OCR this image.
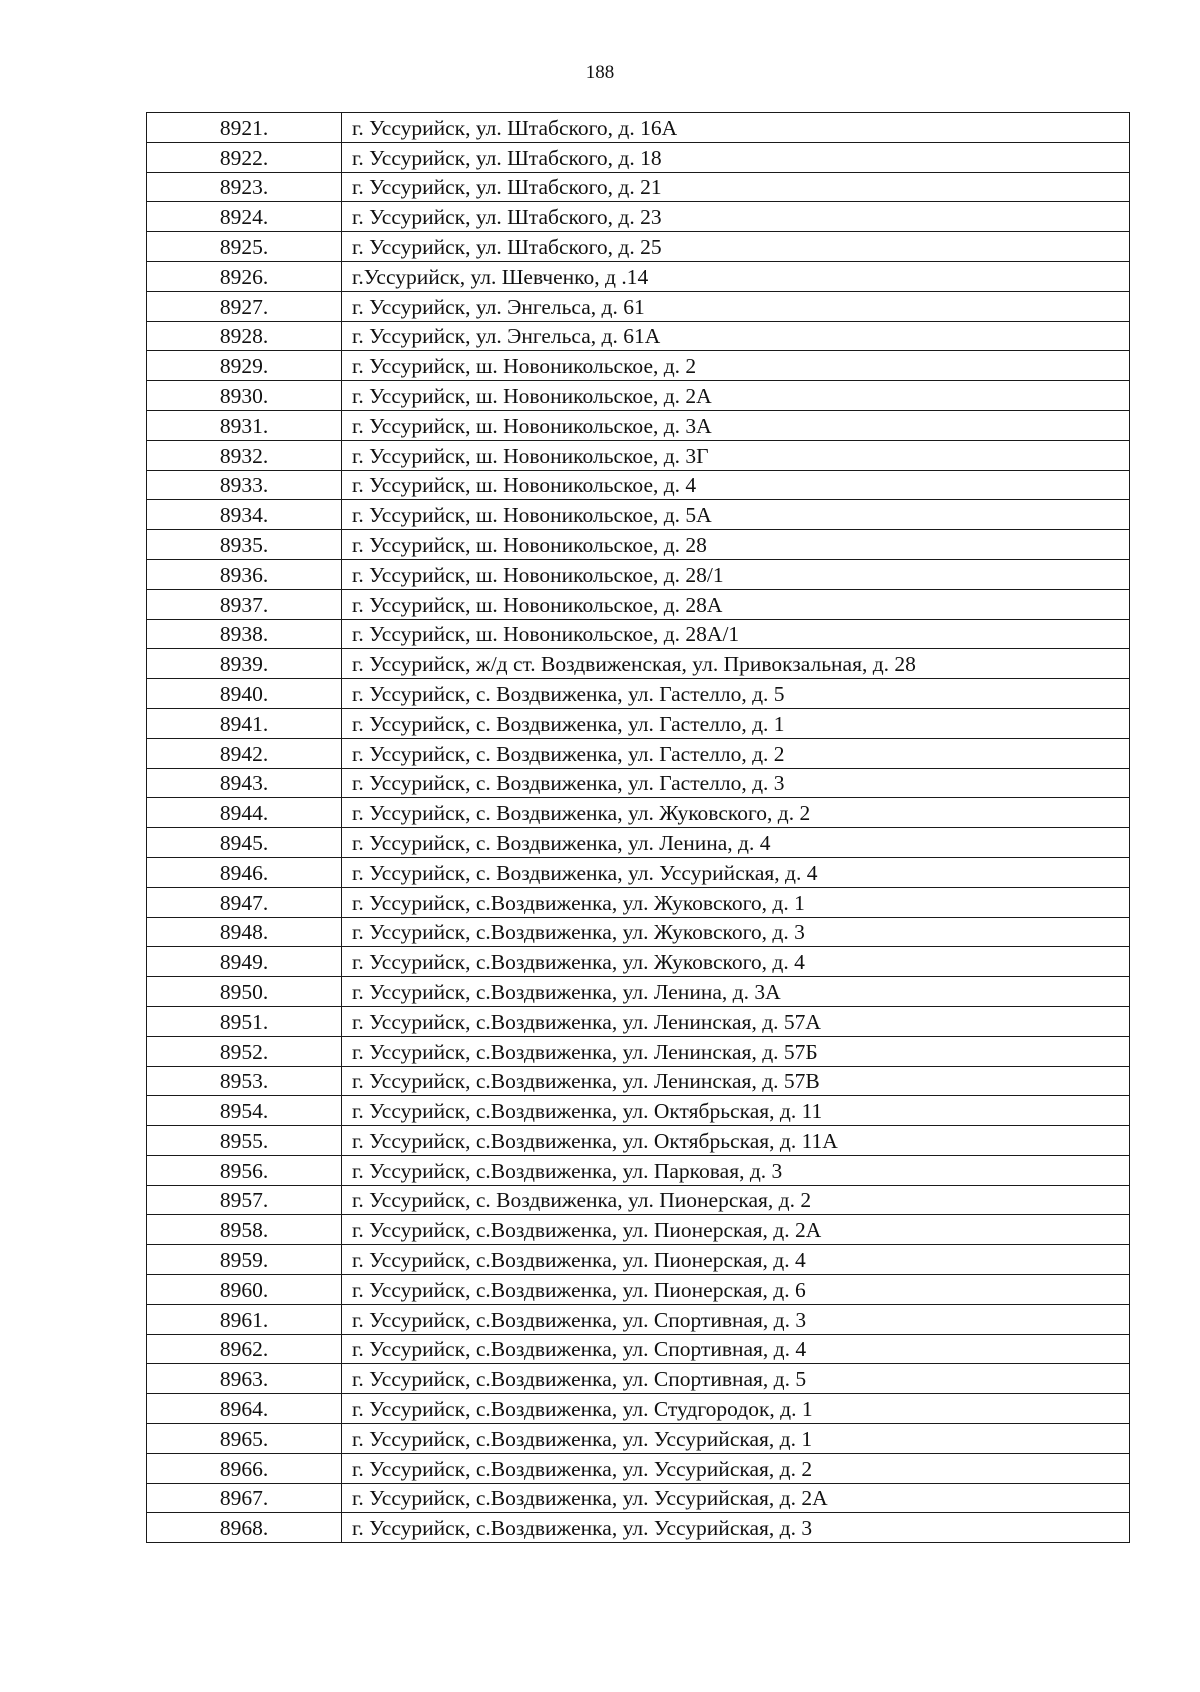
188
8921.	г. Уссурийск, ул. Штабского, д. 16А
8922.	г. Уссурийск, ул. Штабского, д. 18
8923.	г. Уссурийск, ул. Штабского, д. 21
8924.	г. Уссурийск, ул. Штабского, д. 23
8925.	г. Уссурийск, ул. Штабского, д. 25
8926.	г.Уссурийск, ул. Шевченко, д .14
8927.	г. Уссурийск, ул. Энгельса, д. 61
8928.	г. Уссурийск, ул. Энгельса, д. 61А
8929.	г. Уссурийск, ш. Новоникольское, д. 2
8930.	г. Уссурийск, ш. Новоникольское, д. 2А
8931.	г. Уссурийск, ш. Новоникольское, д. 3А
8932.	г. Уссурийск, ш. Новоникольское, д. 3Г
8933.	г. Уссурийск, ш. Новоникольское, д. 4
8934.	г. Уссурийск, ш. Новоникольское, д. 5А
8935.	г. Уссурийск, ш. Новоникольское, д. 28
8936.	г. Уссурийск, ш. Новоникольское, д. 28/1
8937.	г. Уссурийск, ш. Новоникольское, д. 28А
8938.	г. Уссурийск, ш. Новоникольское, д. 28А/1
8939.	г. Уссурийск, ж/д ст. Воздвиженская, ул. Привокзальная, д. 28
8940.	г. Уссурийск, с. Воздвиженка, ул. Гастелло, д. 5
8941.	г. Уссурийск, с. Воздвиженка, ул. Гастелло, д. 1
8942.	г. Уссурийск, с. Воздвиженка, ул. Гастелло, д. 2
8943.	г. Уссурийск, с. Воздвиженка, ул. Гастелло, д. 3
8944.	г. Уссурийск, с. Воздвиженка, ул. Жуковского, д. 2
8945.	г. Уссурийск, с. Воздвиженка, ул. Ленина, д. 4
8946.	г. Уссурийск, с. Воздвиженка, ул. Уссурийская, д. 4
8947.	г. Уссурийск, с.Воздвиженка, ул. Жуковского, д. 1
8948.	г. Уссурийск, с.Воздвиженка, ул. Жуковского, д. 3
8949.	г. Уссурийск, с.Воздвиженка, ул. Жуковского, д. 4
8950.	г. Уссурийск, с.Воздвиженка, ул. Ленина, д. 3А
8951.	г. Уссурийск, с.Воздвиженка, ул. Ленинская, д. 57А
8952.	г. Уссурийск, с.Воздвиженка, ул. Ленинская, д. 57Б
8953.	г. Уссурийск, с.Воздвиженка, ул. Ленинская, д. 57В
8954.	г. Уссурийск, с.Воздвиженка, ул. Октябрьская, д. 11
8955.	г. Уссурийск, с.Воздвиженка, ул. Октябрьская, д. 11А
8956.	г. Уссурийск, с.Воздвиженка, ул. Парковая, д. 3
8957.	г. Уссурийск, с. Воздвиженка, ул. Пионерская, д. 2
8958.	г. Уссурийск, с.Воздвиженка, ул. Пионерская, д. 2А
8959.	г. Уссурийск, с.Воздвиженка, ул. Пионерская, д. 4
8960.	г. Уссурийск, с.Воздвиженка, ул. Пионерская, д. 6
8961.	г. Уссурийск, с.Воздвиженка, ул. Спортивная, д. 3
8962.	г. Уссурийск, с.Воздвиженка, ул. Спортивная, д. 4
8963.	г. Уссурийск, с.Воздвиженка, ул. Спортивная, д. 5
8964.	г. Уссурийск, с.Воздвиженка, ул. Студгородок, д. 1
8965.	г. Уссурийск, с.Воздвиженка, ул. Уссурийская, д. 1
8966.	г. Уссурийск, с.Воздвиженка, ул. Уссурийская, д. 2
8967.	г. Уссурийск, с.Воздвиженка, ул. Уссурийская, д. 2А
8968.	г. Уссурийск, с.Воздвиженка, ул. Уссурийская, д. 3
